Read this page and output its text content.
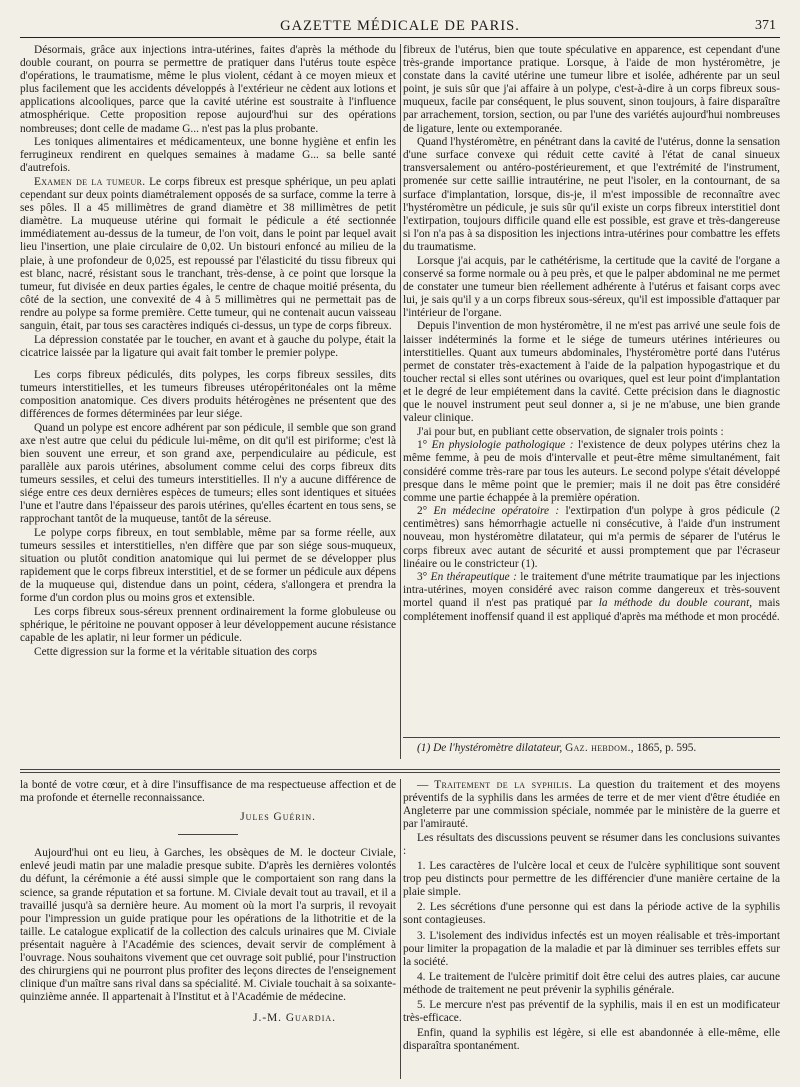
GAZETTE MÉDICALE DE PARIS.	371

Désormais, grâce aux injections intra-utérines, faites d'après la méthode du double courant, on pourra se permettre de pratiquer dans l'utérus toute espèce d'opérations, le traumatisme, même le plus violent, cédant à ce moyen mieux et plus facilement que les accidents développés à l'extérieur ne cèdent aux lotions et applications alcooliques, parce que la cavité utérine est soustraite à l'influence atmosphérique. Cette proposition repose aujourd'hui sur des opérations nombreuses; dont celle de madame G... n'est pas la plus probante.

Les toniques alimentaires et médicamenteux, une bonne hygiène et enfin les ferrugineux rendirent en quelques semaines à madame G... sa belle santé d'autrefois.

Examen de la tumeur. Le corps fibreux est presque sphérique, un peu aplati cependant sur deux points diamétralement opposés de sa surface, comme la terre à ses pôles. Il a 45 millimètres de grand diamètre et 38 millimètres de petit diamètre. La muqueuse utérine qui formait le pédicule a été sectionnée immédiatement au-dessus de la tumeur, de l'on voit, dans le point par lequel avait lieu l'insertion, une plaie circulaire de 0,02. Un bistouri enfoncé au milieu de la plaie, à une profondeur de 0,025, est repoussé par l'élasticité du tissu fibreux qui est blanc, nacré, résistant sous le tranchant, très-dense, à ce point que lorsque la tumeur, fut divisée en deux parties égales, le centre de chaque moitié présenta, du côté de la section, une convexité de 4 à 5 millimètres qui ne permettait pas de rendre au polype sa forme première. Cette tumeur, qui ne contenait aucun vaisseau sanguin, était, par tous ses caractères indiqués ci-dessus, un type de corps fibreux.

La dépression constatée par le toucher, en avant et à gauche du polype, était la cicatrice laissée par la ligature qui avait fait tomber le premier polype.

Les corps fibreux pédiculés, dits polypes, les corps fibreux sessiles, dits tumeurs interstitielles, et les tumeurs fibreuses utéropéritonéales ont la même composition anatomique. Ces divers produits hétérogènes ne présentent que des différences de formes déterminées par leur siége.

Quand un polype est encore adhérent par son pédicule, il semble que son grand axe n'est autre que celui du pédicule lui-même, on dit qu'il est piriforme; c'est là bien souvent une erreur, et son grand axe, perpendiculaire au pédicule, est parallèle aux parois utérines, absolument comme celui des corps fibreux dits tumeurs sessiles, et celui des tumeurs interstitielles. Il n'y a aucune différence de siége entre ces deux dernières espèces de tumeurs; elles sont identiques et situées l'une et l'autre dans l'épaisseur des parois utérines, qu'elles écartent en tous sens, se rapprochant tantôt de la muqueuse, tantôt de la séreuse.

Le polype corps fibreux, en tout semblable, même par sa forme réelle, aux tumeurs sessiles et interstitielles, n'en diffère que par son siége sous-muqueux, situation ou plutôt condition anatomique qui lui permet de se développer plus rapidement que le corps fibreux interstitiel, et de se former un pédicule aux dépens de la muqueuse qui, distendue dans un point, cédera, s'allongera et prendra la forme d'un cordon plus ou moins gros et extensible.

Les corps fibreux sous-séreux prennent ordinairement la forme globuleuse ou sphérique, le péritoine ne pouvant opposer à leur développement aucune résistance capable de les aplatir, ni leur former un pédicule.

Cette digression sur la forme et la véritable situation des corps

fibreux de l'utérus, bien que toute spéculative en apparence, est cependant d'une très-grande importance pratique. Lorsque, à l'aide de mon hystéromètre, je constate dans la cavité utérine une tumeur libre et isolée, adhérente par un seul point, je suis sûr que j'ai affaire à un polype, c'est-à-dire à un corps fibreux sous-muqueux, facile par conséquent, le plus souvent, sinon toujours, à faire disparaître par arrachement, torsion, section, ou par l'une des variétés aujourd'hui nombreuses de ligature, lente ou extemporanée.

Quand l'hystéromètre, en pénétrant dans la cavité de l'utérus, donne la sensation d'une surface convexe qui réduit cette cavité à l'état de canal sinueux transversalement ou antéro-postérieurement, et que l'extrémité de l'instrument, promenée sur cette saillie intrautérine, ne peut l'isoler, en la contournant, de sa surface d'implantation, lorsque, dis-je, il m'est impossible de reconnaître avec l'hystéromètre un pédicule, je suis sûr qu'il existe un corps fibreux interstitiel dont l'extirpation, toujours difficile quand elle est possible, est grave et très-dangereuse si l'on n'a pas à sa disposition les injections intra-utérines pour combattre les effets du traumatisme.

Lorsque j'ai acquis, par le cathétérisme, la certitude que la cavité de l'organe a conservé sa forme normale ou à peu près, et que le palper abdominal ne me permet de constater une tumeur bien réellement adhérente à l'utérus et faisant corps avec lui, je sais qu'il y a un corps fibreux sous-séreux, qu'il est impossible d'attaquer par l'intérieur de l'organe.

Depuis l'invention de mon hystéromètre, il ne m'est pas arrivé une seule fois de laisser indéterminés la forme et le siége de tumeurs utérines intérieures ou interstitielles. Quant aux tumeurs abdominales, l'hystéromètre porté dans l'utérus permet de constater très-exactement à l'aide de la palpation hypogastrique et du toucher rectal si elles sont utérines ou ovariques, quel est leur point d'implantation et le degré de leur empiétement dans la cavité. Cette précision dans le diagnostic que le nouvel instrument peut seul donner a, si je ne m'abuse, une bien grande valeur clinique.

J'ai pour but, en publiant cette observation, de signaler trois points :

1° En physiologie pathologique : l'existence de deux polypes utérins chez la même femme, à peu de mois d'intervalle et peut-être même simultanément, fait considéré comme très-rare par tous les auteurs. Le second polype s'était développé presque dans le même point que le premier; mais il ne doit pas être considéré comme une partie échappée à la première opération.

2° En médecine opératoire : l'extirpation d'un polype à gros pédicule (2 centimètres) sans hémorrhagie actuelle ni consécutive, à l'aide d'un instrument nouveau, mon hystéromètre dilatateur, qui m'a permis de séparer de l'utérus le corps fibreux avec autant de sécurité et aussi promptement que par l'écraseur linéaire ou le constricteur (1).

3° En thérapeutique : le traitement d'une métrite traumatique par les injections intra-utérines, moyen considéré avec raison comme dangereux et très-souvent mortel quand il n'est pas pratiqué par la méthode du double courant, mais complétement inoffensif quand il est appliqué d'après ma méthode et mon procédé.

(1) De l'hystéromètre dilatateur, Gaz. hebdom., 1865, p. 595.

la bonté de votre cœur, et à dire l'insuffisance de ma respectueuse affection et de ma profonde et éternelle reconnaissance.

Jules Guérin.

Aujourd'hui ont eu lieu, à Garches, les obsèques de M. le docteur Civiale, enlevé jeudi matin par une maladie presque subite. D'après les dernières volontés du défunt, la cérémonie a été aussi simple que le comportaient son rang dans la science, sa grande réputation et sa fortune. M. Civiale devait tout au travail, et il a travaillé jusqu'à sa dernière heure. Au moment où la mort l'a surpris, il revoyait pour l'impression un guide pratique pour les opérations de la lithotritie et de la taille. Le catalogue explicatif de la collection des calculs urinaires que M. Civiale présentait naguère à l'Académie des sciences, devait servir de complément à l'ouvrage. Nous souhaitons vivement que cet ouvrage soit publié, pour l'instruction des chirurgiens qui ne pourront plus profiter des leçons directes de l'enseignement clinique d'un maître sans rival dans sa spécialité. M. Civiale touchait à sa soixante-quinzième année. Il appartenait à l'Institut et à l'Académie de médecine.

J.-M. Guardia.

— Traitement de la syphilis. La question du traitement et des moyens préventifs de la syphilis dans les armées de terre et de mer vient d'être étudiée en Angleterre par une commission spéciale, nommée par le ministère de la guerre et par l'amirauté.

Les résultats des discussions peuvent se résumer dans les conclusions suivantes :

1. Les caractères de l'ulcère local et ceux de l'ulcère syphilitique sont souvent trop peu distincts pour permettre de les différencier d'une manière certaine de la plaie simple.

2. Les sécrétions d'une personne qui est dans la période active de la syphilis sont contagieuses.

3. L'isolement des individus infectés est un moyen réalisable et très-important pour limiter la propagation de la maladie et par là diminuer ses terribles effets sur la société.

4. Le traitement de l'ulcère primitif doit être celui des autres plaies, car aucune méthode de traitement ne peut prévenir la syphilis générale.

5. Le mercure n'est pas préventif de la syphilis, mais il en est un modificateur très-efficace.

Enfin, quand la syphilis est légère, si elle est abandonnée à elle-même, elle disparaîtra spontanément.
